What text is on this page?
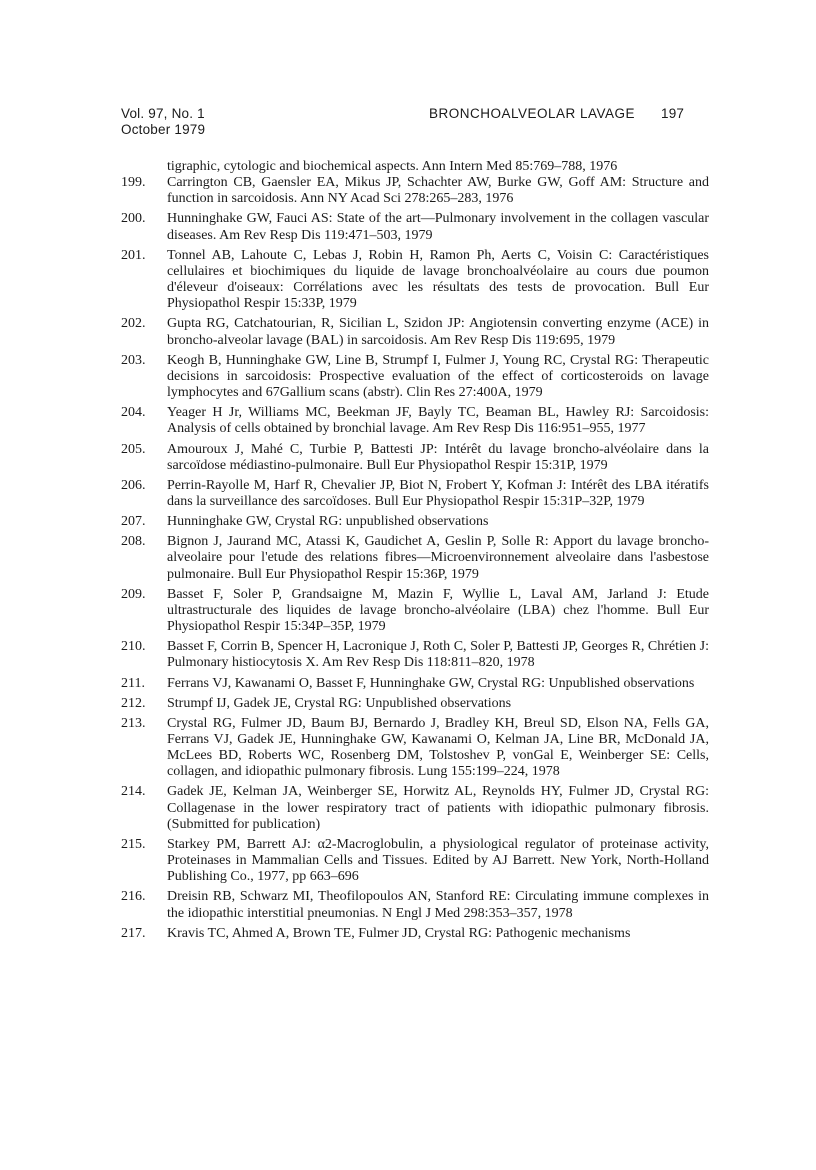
Vol. 97, No. 1
October 1979
BRONCHOALVEOLAR LAVAGE 197
tigraphic, cytologic and biochemical aspects. Ann Intern Med 85:769–788, 1976
199.	Carrington CB, Gaensler EA, Mikus JP, Schachter AW, Burke GW, Goff AM: Structure and function in sarcoidosis. Ann NY Acad Sci 278:265–283, 1976
200.	Hunninghake GW, Fauci AS: State of the art—Pulmonary involvement in the collagen vascular diseases. Am Rev Resp Dis 119:471–503, 1979
201.	Tonnel AB, Lahoute C, Lebas J, Robin H, Ramon Ph, Aerts C, Voisin C: Caractéristiques cellulaires et biochimiques du liquide de lavage bronchoalvéolaire au cours due poumon d'éleveur d'oiseaux: Corrélations avec les résultats des tests de provocation. Bull Eur Physiopathol Respir 15:33P, 1979
202.	Gupta RG, Catchatourian, R, Sicilian L, Szidon JP: Angiotensin converting enzyme (ACE) in broncho-alveolar lavage (BAL) in sarcoidosis. Am Rev Resp Dis 119:695, 1979
203.	Keogh B, Hunninghake GW, Line B, Strumpf I, Fulmer J, Young RC, Crystal RG: Therapeutic decisions in sarcoidosis: Prospective evaluation of the effect of corticosteroids on lavage lymphocytes and 67Gallium scans (abstr). Clin Res 27:400A, 1979
204.	Yeager H Jr, Williams MC, Beekman JF, Bayly TC, Beaman BL, Hawley RJ: Sarcoidosis: Analysis of cells obtained by bronchial lavage. Am Rev Resp Dis 116:951–955, 1977
205.	Amouroux J, Mahé C, Turbie P, Battesti JP: Intérêt du lavage broncho-alvéolaire dans la sarcoïdose médiastino-pulmonaire. Bull Eur Physiopathol Respir 15:31P, 1979
206.	Perrin-Rayolle M, Harf R, Chevalier JP, Biot N, Frobert Y, Kofman J: Intérêt des LBA itératifs dans la surveillance des sarcoïdoses. Bull Eur Physiopathol Respir 15:31P–32P, 1979
207.	Hunninghake GW, Crystal RG: unpublished observations
208.	Bignon J, Jaurand MC, Atassi K, Gaudichet A, Geslin P, Solle R: Apport du lavage broncho-alveolaire pour l'etude des relations fibres—Microenvironnement alveolaire dans l'asbestose pulmonaire. Bull Eur Physiopathol Respir 15:36P, 1979
209.	Basset F, Soler P, Grandsaigne M, Mazin F, Wyllie L, Laval AM, Jarland J: Etude ultrastructurale des liquides de lavage broncho-alvéolaire (LBA) chez l'homme. Bull Eur Physiopathol Respir 15:34P–35P, 1979
210.	Basset F, Corrin B, Spencer H, Lacronique J, Roth C, Soler P, Battesti JP, Georges R, Chrétien J: Pulmonary histiocytosis X. Am Rev Resp Dis 118:811–820, 1978
211.	Ferrans VJ, Kawanami O, Basset F, Hunninghake GW, Crystal RG: Unpublished observations
212.	Strumpf IJ, Gadek JE, Crystal RG: Unpublished observations
213.	Crystal RG, Fulmer JD, Baum BJ, Bernardo J, Bradley KH, Breul SD, Elson NA, Fells GA, Ferrans VJ, Gadek JE, Hunninghake GW, Kawanami O, Kelman JA, Line BR, McDonald JA, McLees BD, Roberts WC, Rosenberg DM, Tolstoshev P, vonGal E, Weinberger SE: Cells, collagen, and idiopathic pulmonary fibrosis. Lung 155:199–224, 1978
214.	Gadek JE, Kelman JA, Weinberger SE, Horwitz AL, Reynolds HY, Fulmer JD, Crystal RG: Collagenase in the lower respiratory tract of patients with idiopathic pulmonary fibrosis. (Submitted for publication)
215.	Starkey PM, Barrett AJ: α2-Macroglobulin, a physiological regulator of proteinase activity, Proteinases in Mammalian Cells and Tissues. Edited by AJ Barrett. New York, North-Holland Publishing Co., 1977, pp 663–696
216.	Dreisin RB, Schwarz MI, Theofilopoulos AN, Stanford RE: Circulating immune complexes in the idiopathic interstitial pneumonias. N Engl J Med 298:353–357, 1978
217.	Kravis TC, Ahmed A, Brown TE, Fulmer JD, Crystal RG: Pathogenic mechanisms
